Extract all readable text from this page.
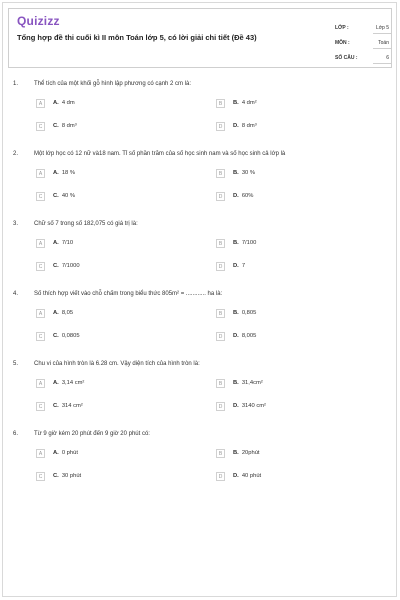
Quizizz
Tổng hợp đề thi cuối kì II môn Toán lớp 5, có lời giải chi tiết (Đề 43)
LỚP :	Lớp 5
MÔN :	Toán
SỐ CÂU :	6
1.	Thể tích của một khối gỗ hình lập phương có cạnh 2 cm là:
A	A. 4 dm	B	B. 4 dm²
C	C. 8 dm³	D	D. 8 dm³
2.	Một lớp học có 12 nữ và18 nam. Tỉ số phần trăm của số học sinh nam và số học sinh cả lớp là
A	A. 18 %	B	B. 30 %
C	C. 40 %	D	D. 60%
3.	Chữ số 7 trong số 182,075 có giá trị là:
A	A. 7/10	B	B. 7/100
C	C. 7/1000	D	D. 7
4.	Số thích hợp viết vào chỗ chấm trong biểu thức 805m² = ............ ha là:
A	A. 8,05	B	B. 0,805
C	C. 0,0805	D	D. 8,005
5.	Chu vi của hình tròn là 6.28 cm. Vậy diện tích của hình tròn là:
A	A. 3,14 cm²	B	B. 31,4cm²
C	C. 314 cm²	D	D. 3140 cm²
6.	Từ 9 giờ kém 20 phút đến 9 giờ 20 phút có:
A	A. 0 phút	B	B. 20phút
C	C. 30 phút	D	D. 40 phút
